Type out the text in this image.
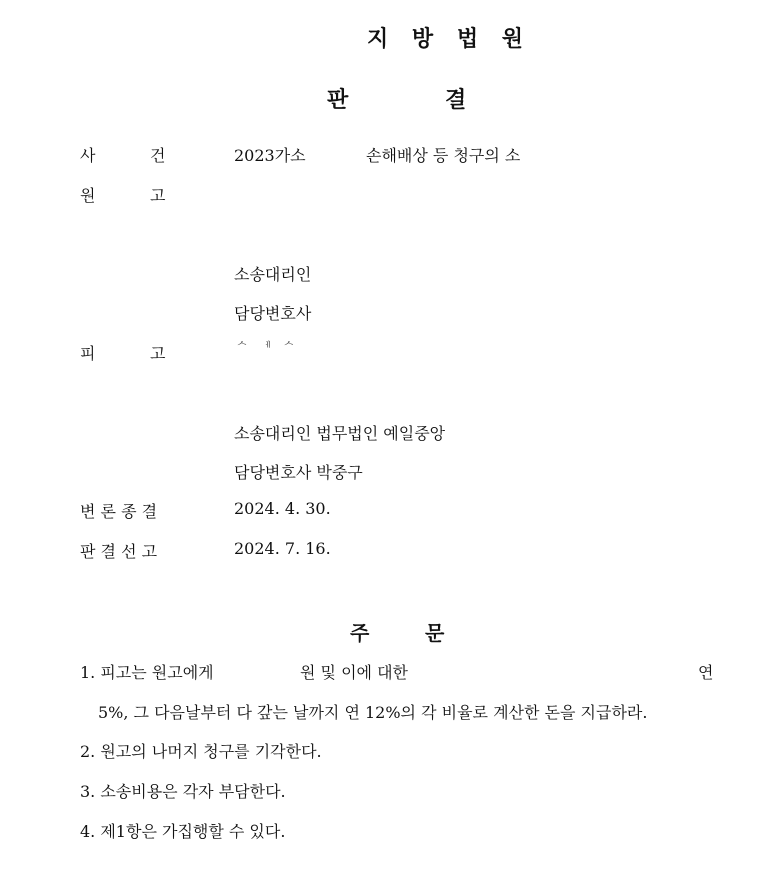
지 방 법 원
판	결
사	건	2023가소	손해배상 등 청구의 소
원	고
소송대리인
담당변호사
피	고	ᄉ ᅦ ᄉ
소송대리인 법무법인 예일중앙
담당변호사 박중구
변 론 종 결	2024. 4. 30.
판 결 선 고	2024. 7. 16.
주	문
1. 피고는 원고에게	원 및 이에 대한	연
5%, 그 다음날부터 다 갚는 날까지 연 12%의 각 비율로 계산한 돈을 지급하라.
2. 원고의 나머지 청구를 기각한다.
3. 소송비용은 각자 부담한다.
4. 제1항은 가집행할 수 있다.
